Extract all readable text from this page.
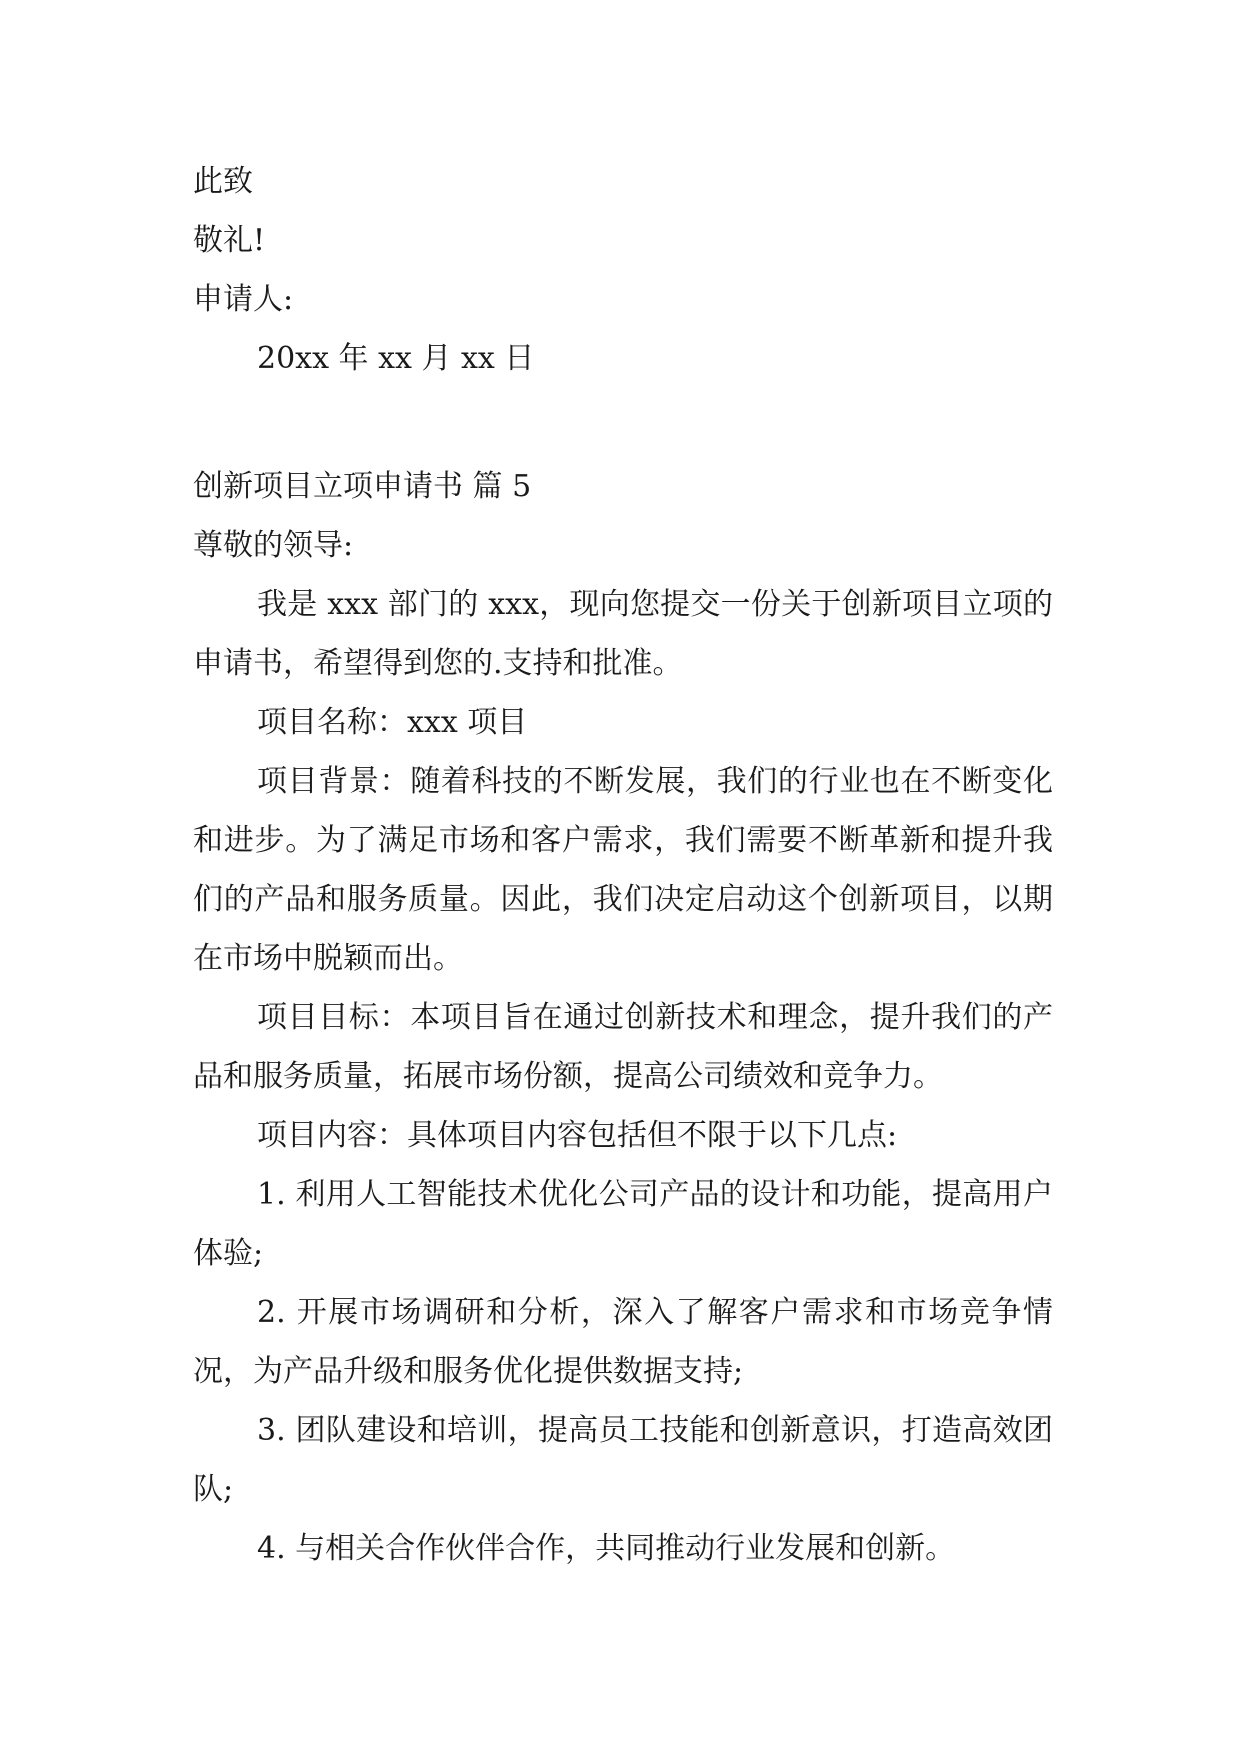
此致

敬礼!

申请人:

20xx 年 xx 月 xx 日

创新项目立项申请书 篇 5

尊敬的领导:

我是 xxx 部门的 xxx，现向您提交一份关于创新项目立项的申请书，希望得到您的.支持和批准。

项目名称：xxx 项目

项目背景：随着科技的不断发展，我们的行业也在不断变化和进步。为了满足市场和客户需求，我们需要不断革新和提升我们的产品和服务质量。因此，我们决定启动这个创新项目，以期在市场中脱颖而出。

项目目标：本项目旨在通过创新技术和理念，提升我们的产品和服务质量，拓展市场份额，提高公司绩效和竞争力。

项目内容：具体项目内容包括但不限于以下几点:

1. 利用人工智能技术优化公司产品的设计和功能，提高用户体验;

2. 开展市场调研和分析，深入了解客户需求和市场竞争情况，为产品升级和服务优化提供数据支持;

3. 团队建设和培训，提高员工技能和创新意识，打造高效团队;

4. 与相关合作伙伴合作，共同推动行业发展和创新。
